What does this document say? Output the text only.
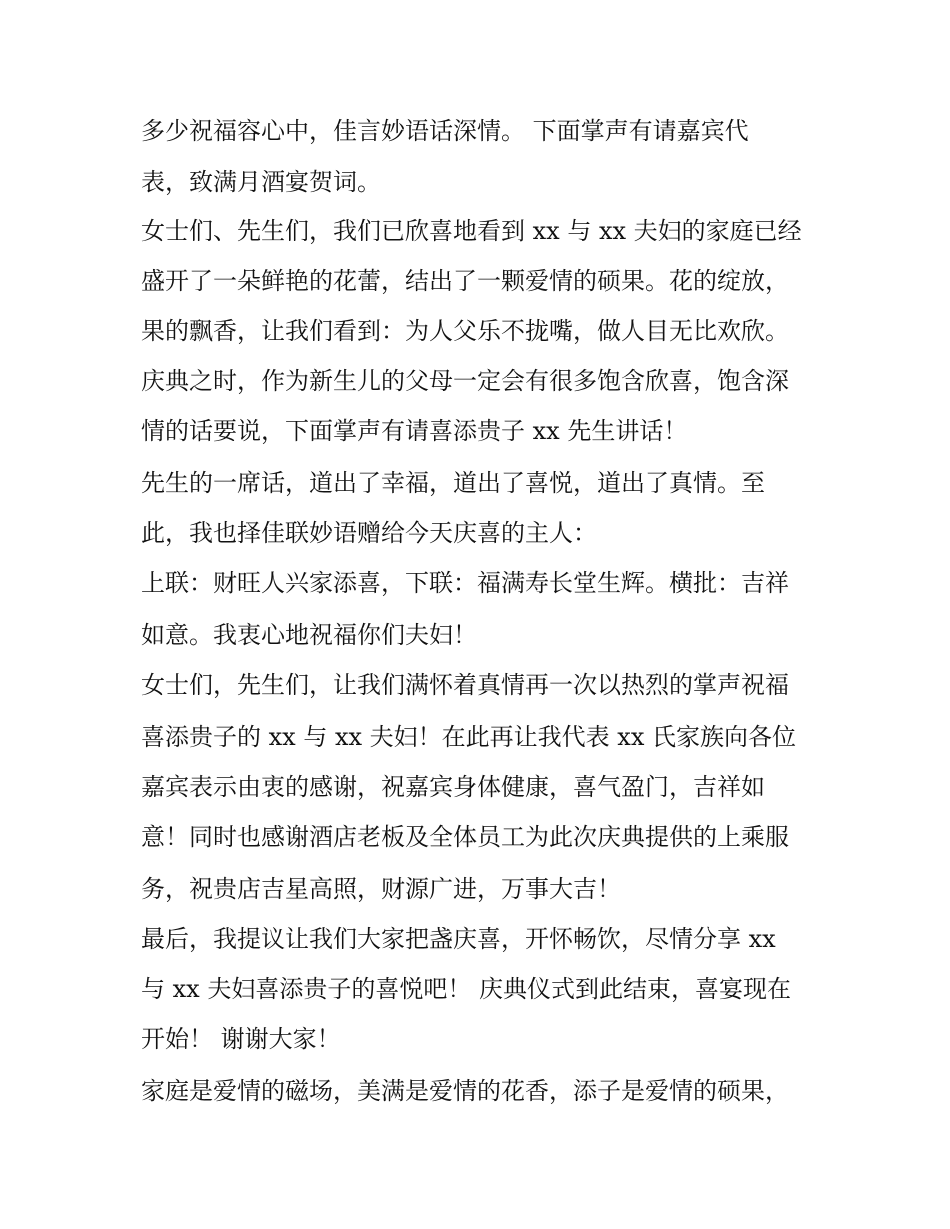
多少祝福容心中，佳言妙语话深情。 下面掌声有请嘉宾代

表，致满月酒宴贺词。

女士们、先生们，我们已欣喜地看到 xx 与 xx 夫妇的家庭已经

盛开了一朵鲜艳的花蕾，结出了一颗爱情的硕果。花的绽放，

果的飘香，让我们看到：为人父乐不拢嘴，做人目无比欢欣。

庆典之时，作为新生儿的父母一定会有很多饱含欣喜，饱含深

情的话要说，下面掌声有请喜添贵子 xx 先生讲话！

先生的一席话，道出了幸福，道出了喜悦，道出了真情。至

此，我也择佳联妙语赠给今天庆喜的主人：

上联：财旺人兴家添喜，下联：福满寿长堂生辉。横批：吉祥

如意。我衷心地祝福你们夫妇！

女士们，先生们，让我们满怀着真情再一次以热烈的掌声祝福

喜添贵子的 xx 与 xx 夫妇！在此再让我代表 xx 氏家族向各位

嘉宾表示由衷的感谢，祝嘉宾身体健康，喜气盈门，吉祥如

意！同时也感谢酒店老板及全体员工为此次庆典提供的上乘服

务，祝贵店吉星高照，财源广进，万事大吉！

最后，我提议让我们大家把盏庆喜，开怀畅饮，尽情分享 xx

与 xx 夫妇喜添贵子的喜悦吧！ 庆典仪式到此结束，喜宴现在

开始！ 谢谢大家！

家庭是爱情的磁场，美满是爱情的花香，添子是爱情的硕果，
